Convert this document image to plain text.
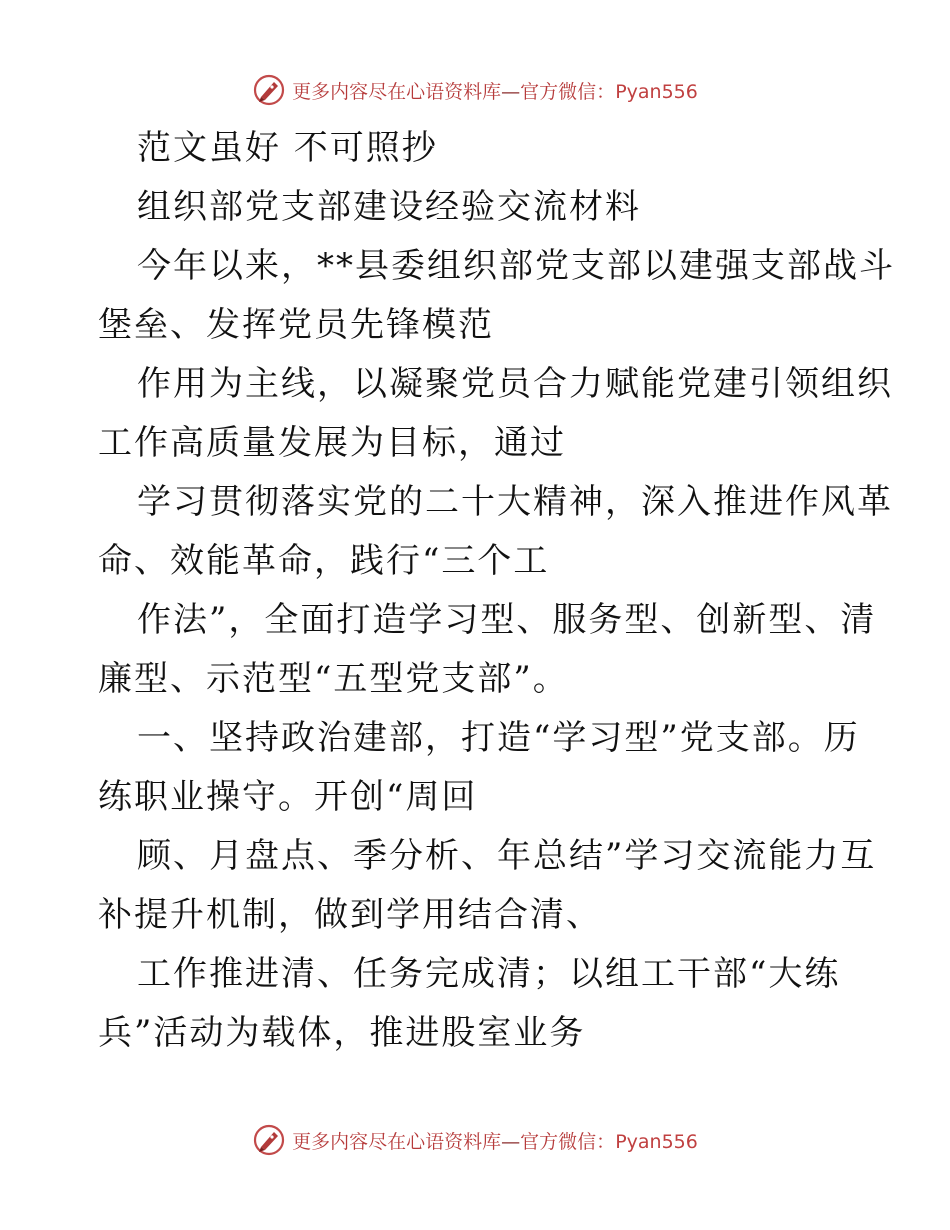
更多内容尽在心语资料库—官方微信：Pyan556
范文虽好 不可照抄
组织部党支部建设经验交流材料
今年以来，**县委组织部党支部以建强支部战斗
堡垒、发挥党员先锋模范
作用为主线，以凝聚党员合力赋能党建引领组织
工作高质量发展为目标，通过
学习贯彻落实党的二十大精神，深入推进作风革
命、效能革命，践行“三个工
作法”，全面打造学习型、服务型、创新型、清
廉型、示范型“五型党支部”。
一、坚持政治建部，打造“学习型”党支部。历
练职业操守。开创“周回
顾、月盘点、季分析、年总结”学习交流能力互
补提升机制，做到学用结合清、
工作推进清、任务完成清；以组工干部“大练
兵”活动为载体，推进股室业务
更多内容尽在心语资料库—官方微信：Pyan556
